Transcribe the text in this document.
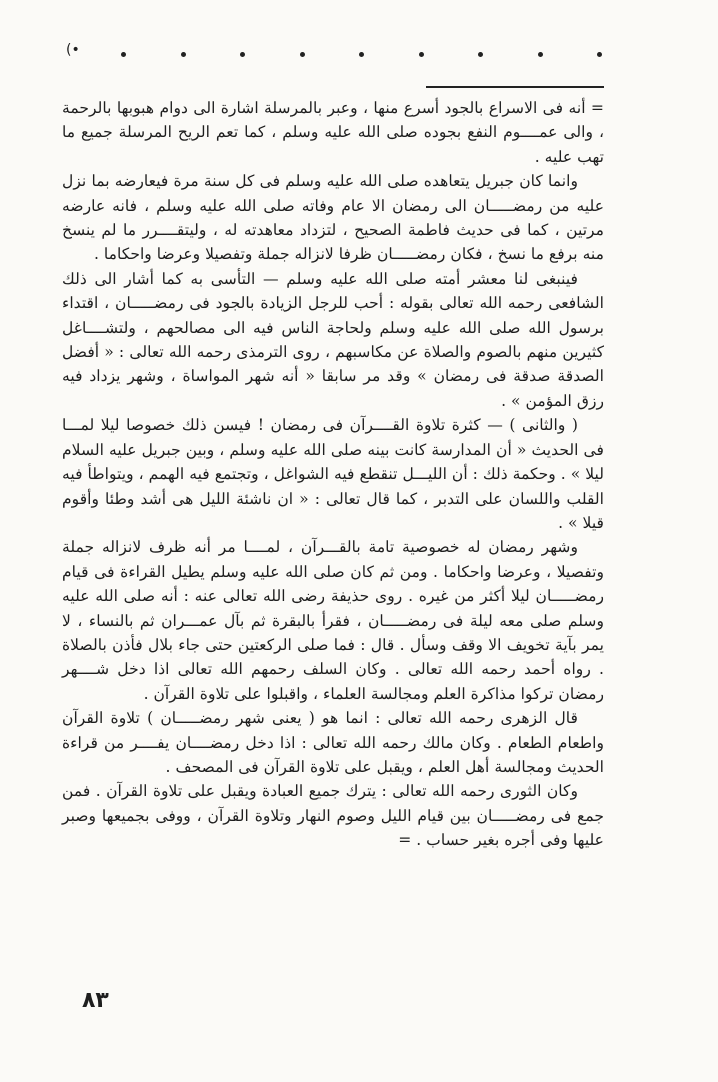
(•

= أنه فى الاسراع بالجود أسرع منها ، وعبر بالمرسلة اشارة الى دوام هبوبها بالرحمة ، والى عمــــوم النفع بجوده صلى الله عليه وسلم ، كما تعم الريح المرسلة جميع ما تهب عليه .

وانما كان جبريل يتعاهده صلى الله عليه وسلم فى كل سنة مرة فيعارضه بما نزل عليه من رمضـــــان الى رمضان الا عام وفاته صلى الله عليه وسلم ، فانه عارضه مرتين ، كما فى حديث فاطمة الصحيح ، لتزداد معاهدته له ، وليتقــــرر ما لم ينسخ منه برفع ما نسخ ، فكان رمضـــــان ظرفا لانزاله جملة وتفصيلا وعرضا واحكاما .

فينبغى لنا معشر أمته صلى الله عليه وسلم — التأسى به كما أشار الى ذلك الشافعى رحمه الله تعالى بقوله : أحب للرجل الزيادة بالجود فى رمضـــــان ، اقتداء برسول الله صلى الله عليه وسلم ولحاجة الناس فيه الى مصالحهم ، ولتشــــاغل كثيرين منهم بالصوم والصلاة عن مكاسبهم ، روى الترمذى رحمه الله تعالى : « أفضل الصدقة صدقة فى رمضان » وقد مر سابقا « أنه شهر المواساة ، وشهر يزداد فيه رزق المؤمن » .

( والثانى ) — كثرة تلاوة القــــرآن فى رمضان ! فيسن ذلك خصوصا ليلا لمـــا فى الحديث « أن المدارسة كانت بينه صلى الله عليه وسلم ، وبين جبريل عليه السلام ليلا » . وحكمة ذلك : أن الليـــل تنقطع فيه الشواغل ، وتجتمع فيه الهمم ، ويتواطأ فيه القلب واللسان على التدبر ، كما قال تعالى : « ان ناشئة الليل هى أشد وطئا وأقوم قيلا » .

وشهر رمضان له خصوصية تامة بالقـــرآن ، لمــــا مر أنه ظرف لانزاله جملة وتفصيلا ، وعرضا واحكاما . ومن ثم كان صلى الله عليه وسلم يطيل القراءة فى قيام رمضـــــان ليلا أكثر من غيره . روى حذيفة رضى الله تعالى عنه : أنه صلى الله عليه وسلم صلى معه ليلة فى رمضـــــان ، فقرأ بالبقرة ثم بآل عمـــران ثم بالنساء ، لا يمر بآية تخويف الا وقف وسأل . قال : فما صلى الركعتين حتى جاء بلال فأذن بالصلاة . رواه أحمد رحمه الله تعالى . وكان السلف رحمهم الله تعالى اذا دخل شــــهر رمضان تركوا مذاكرة العلم ومجالسة العلماء ، واقبلوا على تلاوة القرآن .

قال الزهرى رحمه الله تعالى : انما هو ( يعنى شهر رمضـــــان ) تلاوة القرآن واطعام الطعام . وكان مالك رحمه الله تعالى : اذا دخل رمضــــان يفــــر من قراءة الحديث ومجالسة أهل العلم ، ويقبل على تلاوة القرآن فى المصحف .

وكان الثورى رحمه الله تعالى : يترك جميع العبادة ويقبل على تلاوة القرآن . فمن جمع فى رمضـــــان بين قيام الليل وصوم النهار وتلاوة القرآن ، ووفى بجميعها وصبر عليها وفى أجره بغير حساب . =

٨٣
